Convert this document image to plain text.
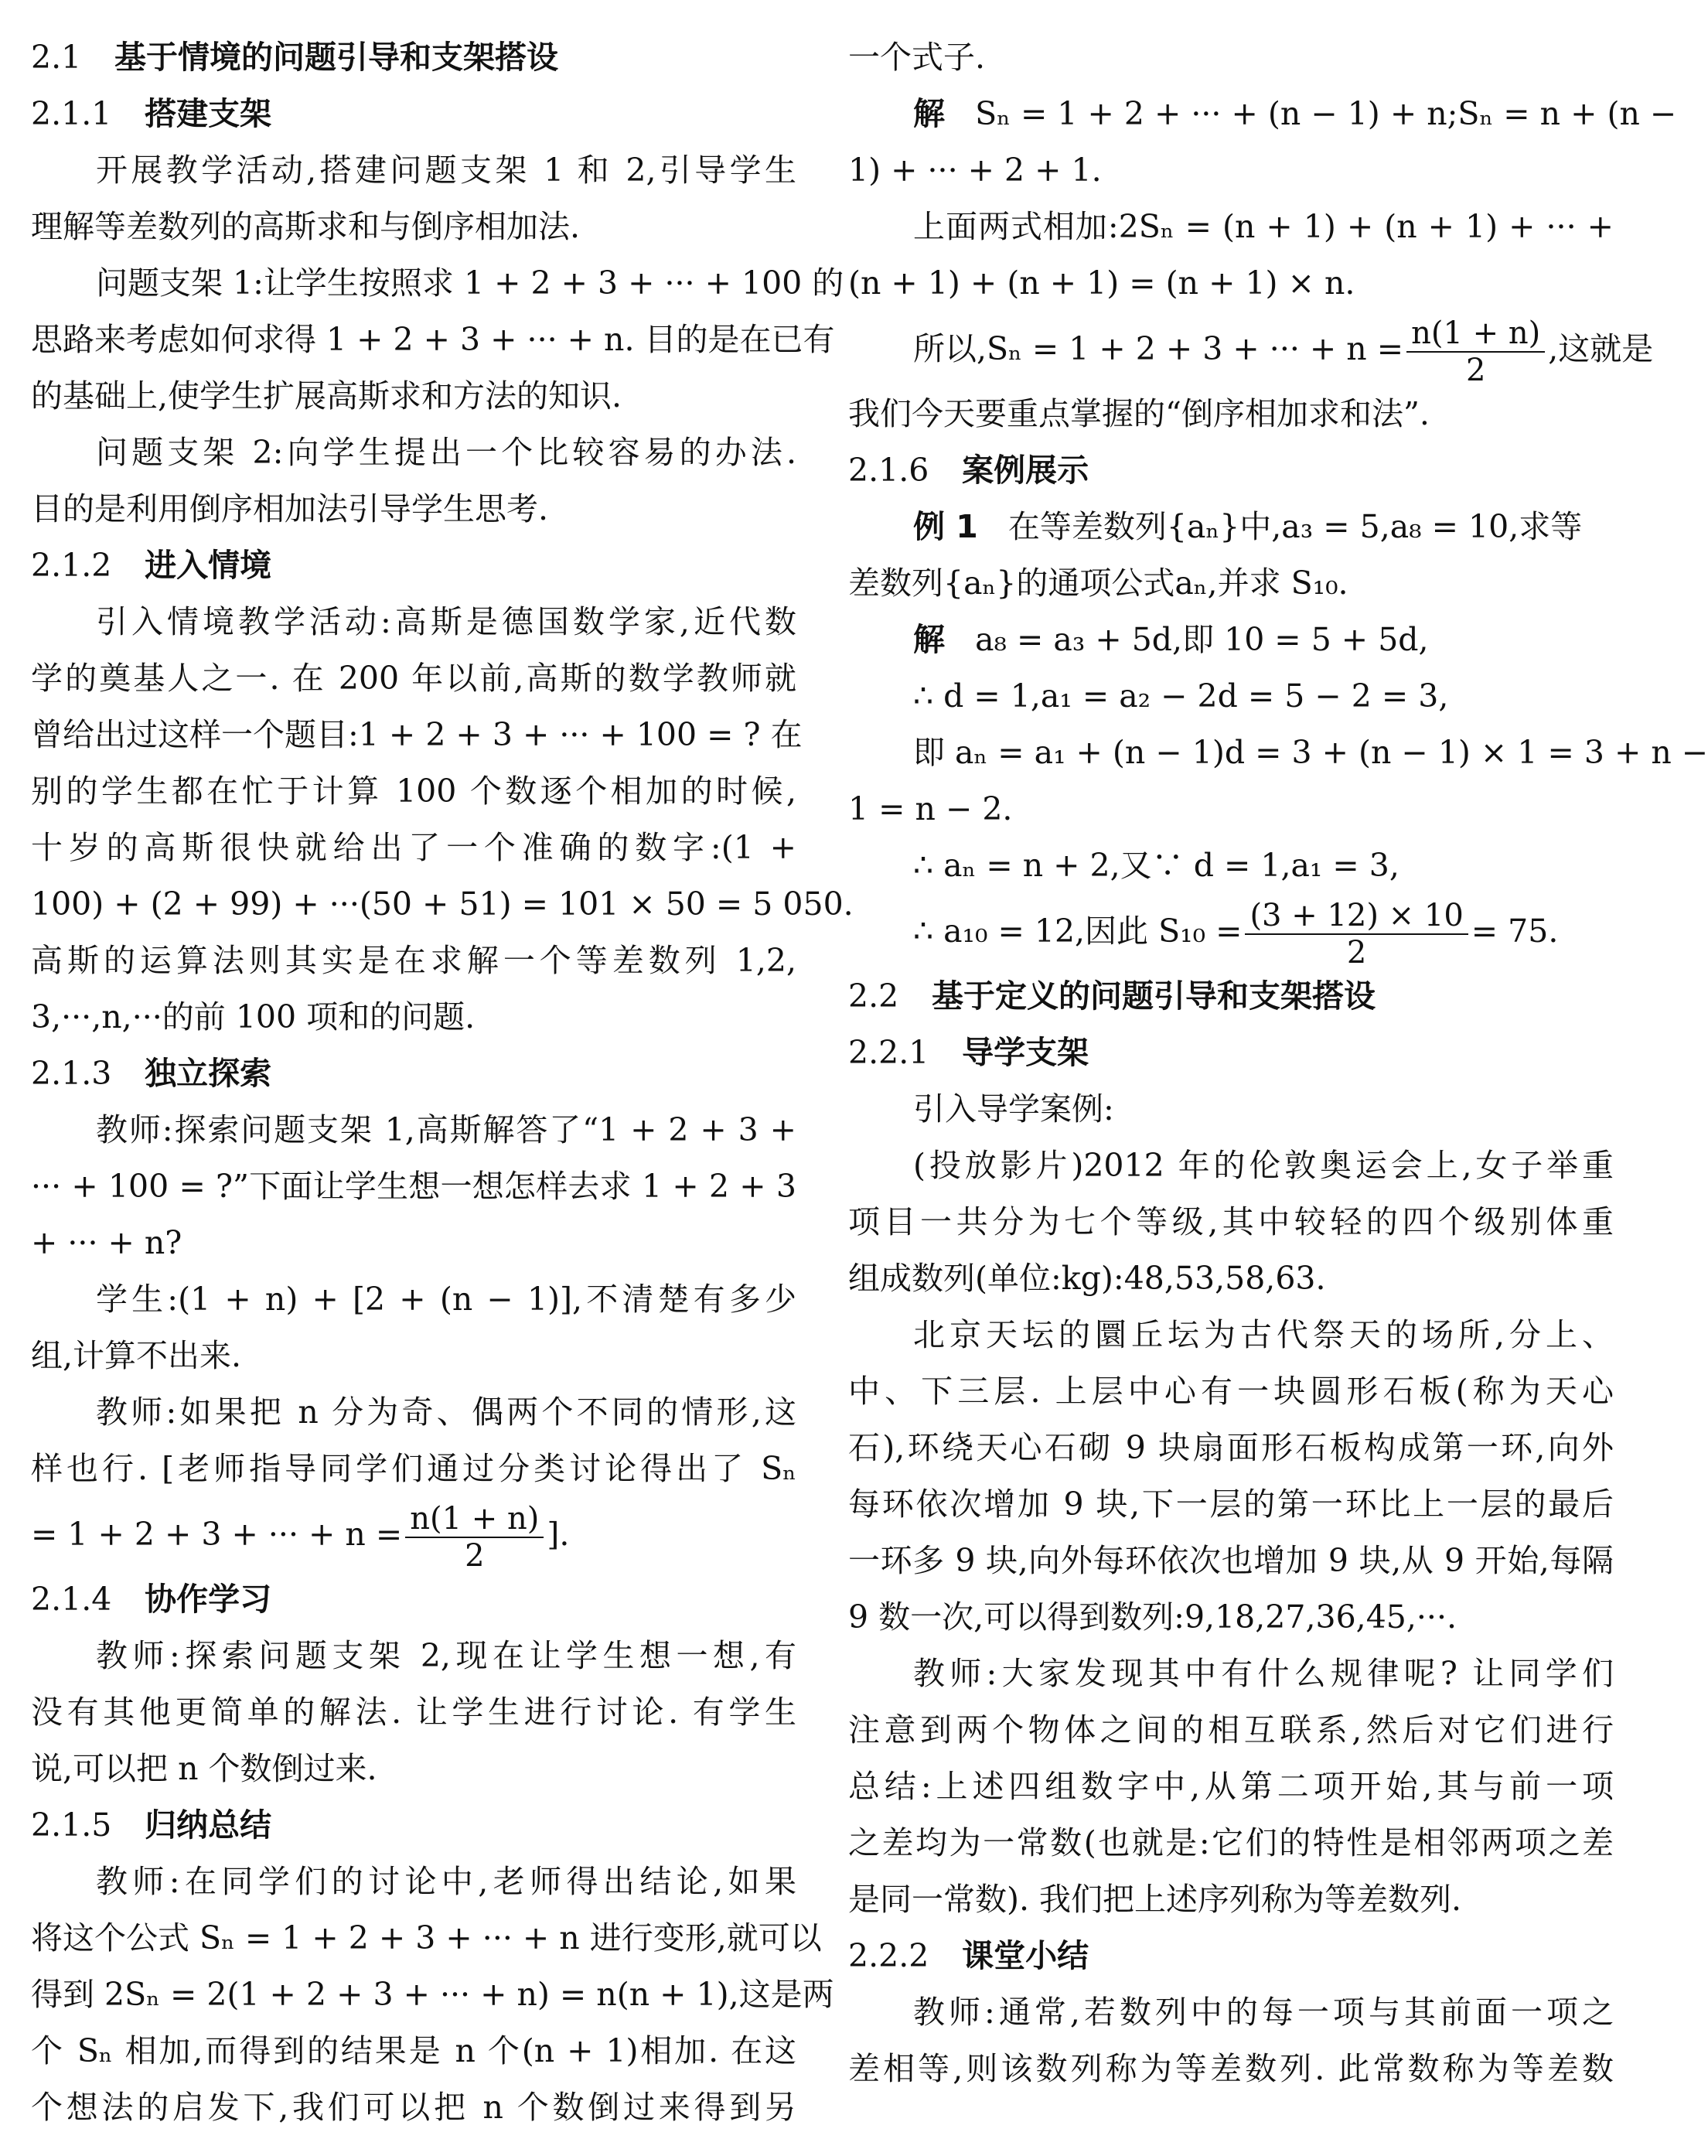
2.1 基于情境的问题引导和支架搭设
2.1.1 搭建支架
开展教学活动,搭建问题支架 1 和 2,引导学生
理解等差数列的高斯求和与倒序相加法.
问题支架 1:让学生按照求 1 + 2 + 3 + ··· + 100 的
思路来考虑如何求得 1 + 2 + 3 + ··· + n. 目的是在已有
的基础上,使学生扩展高斯求和方法的知识.
问题支架 2:向学生提出一个比较容易的办法.
目的是利用倒序相加法引导学生思考.
2.1.2 进入情境
引入情境教学活动:高斯是德国数学家,近代数
学的奠基人之一. 在 200 年以前,高斯的数学教师就
曾给出过这样一个题目:1 + 2 + 3 + ··· + 100 = ? 在
别的学生都在忙于计算 100 个数逐个相加的时候,
十岁的高斯很快就给出了一个准确的数字:(1 +
100) + (2 + 99) + ···(50 + 51) = 101 × 50 = 5 050.
高斯的运算法则其实是在求解一个等差数列 1,2,
3,···,n,···的前 100 项和的问题.
2.1.3 独立探索
教师:探索问题支架 1,高斯解答了“1 + 2 + 3 +
··· + 100 = ?”下面让学生想一想怎样去求 1 + 2 + 3
+ ··· + n?
学生:(1 + n) + [2 + (n − 1)],不清楚有多少
组,计算不出来.
教师:如果把 n 分为奇、偶两个不同的情形,这
样也行. [老师指导同学们通过分类讨论得出了 Sₙ
= 1 + 2 + 3 + ··· + $n = \frac{n(1 + n)}{2}$ ].
2.1.4 协作学习
教师:探索问题支架 2,现在让学生想一想,有
没有其他更简单的解法. 让学生进行讨论. 有学生
说,可以把 n 个数倒过来.
2.1.5 归纳总结
教师:在同学们的讨论中,老师得出结论,如果
将这个公式 Sₙ = 1 + 2 + 3 + ··· + n 进行变形,就可以
得到 2Sₙ = 2(1 + 2 + 3 + ··· + n) = n(n + 1),这是两
个 Sₙ 相加,而得到的结果是 n 个(n + 1)相加. 在这
个想法的启发下,我们可以把 n 个数倒过来得到另
一个式子.
解 Sₙ = 1 + 2 + ··· + (n − 1) + n;Sₙ = n + (n −
1) + ··· + 2 + 1.
上面两式相加:2Sₙ = (n + 1) + (n + 1) + ··· +
(n + 1) + (n + 1) = (n + 1) × n.
所以,Sₙ = 1 + 2 + 3 + ··· + $n = \frac{n(1 + n)}{2}$ ,这就是
我们今天要重点掌握的“倒序相加求和法”.
2.1.6 案例展示
例 1 在等差数列{aₙ}中,a₃ = 5,a₈ = 10,求等
差数列{aₙ}的通项公式aₙ,并求 S₁₀.
解 a₈ = a₃ + 5d,即 10 = 5 + 5d,
∴ d = 1,a₁ = a₂ − 2d = 5 − 2 = 3,
即 aₙ = a₁ + (n − 1)d = 3 + (n − 1) × 1 = 3 + n −
1 = n − 2.
∴ aₙ = n + 2,又∵ d = 1,a₁ = 3,
∴ a₁₀ = 12,因此 $S_{10} = \frac{(3 + 12) \times 10}{2} = 75$.
2.2 基于定义的问题引导和支架搭设
2.2.1 导学支架
引入导学案例:
(投放影片)2012 年的伦敦奥运会上,女子举重
项目一共分为七个等级,其中较轻的四个级别体重
组成数列(单位:kg):48,53,58,63.
北京天坛的圜丘坛为古代祭天的场所,分上、
中、下三层. 上层中心有一块圆形石板(称为天心
石),环绕天心石砌 9 块扇面形石板构成第一环,向外
每环依次增加 9 块,下一层的第一环比上一层的最后
一环多 9 块,向外每环依次也增加 9 块,从 9 开始,每隔
9 数一次,可以得到数列:9,18,27,36,45,···.
教师:大家发现其中有什么规律呢? 让同学们
注意到两个物体之间的相互联系,然后对它们进行
总结:上述四组数字中,从第二项开始,其与前一项
之差均为一常数(也就是:它们的特性是相邻两项之差
是同一常数). 我们把上述序列称为等差数列.
2.2.2 课堂小结
教师:通常,若数列中的每一项与其前面一项之
差相等,则该数列称为等差数列. 此常数称为等差数
